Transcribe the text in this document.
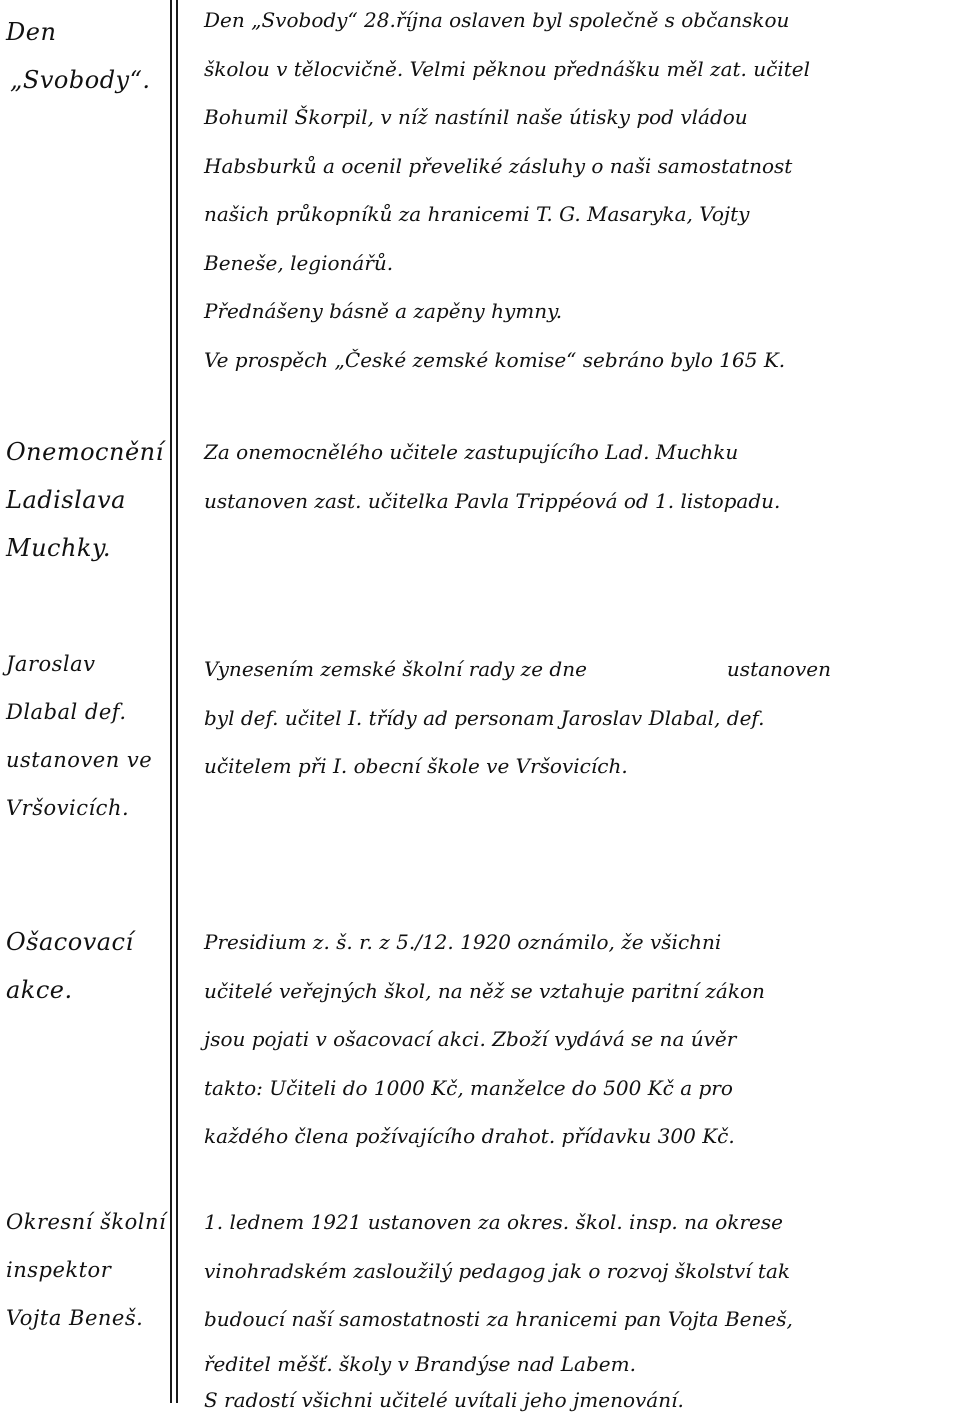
Den
„Svobody“.
Den „Svobody“ 28.října oslaven byl společně s občanskou
školou v tělocvičně. Velmi pěknou přednášku měl zat. učitel
Bohumil Škorpil, v níž nastínil naše útisky pod vládou
Habsburků a ocenil převeliké zásluhy o naši samostatnost
našich průkopníků za hranicemi T. G. Masaryka, Vojty
Beneše, legionářů.
Přednášeny básně a zapěny hymny.
Ve prospěch „České zemské komise“ sebráno bylo 165 K.
Onemocnění
Ladislava
Muchky.
Za onemocnělého učitele zastupujícího Lad. Muchku
ustanoven zast. učitelka Pavla Trippéová od 1. listopadu.
Jaroslav
Dlabal def.
ustanoven ve
Vršovicích.
Vynesením zemské školní rady ze dne	ustanoven
byl def. učitel I. třídy ad personam Jaroslav Dlabal, def.
učitelem při I. obecní škole ve Vršovicích.
Ošacovací
akce.
Presidium z. š. r. z 5./12. 1920 oznámilo, že všichni
učitelé veřejných škol, na něž se vztahuje paritní zákon
jsou pojati v ošacovací akci. Zboží vydává se na úvěr
takto: Učiteli do 1000 Kč, manželce do 500 Kč a pro
každého člena požívajícího drahot. přídavku 300 Kč.
Okresní školní
inspektor
Vojta Beneš.
1. lednem 1921 ustanoven za okres. škol. insp. na okrese
vinohradském zasloužilý pedagog jak o rozvoj školství tak
budoucí naší samostatnosti za hranicemi pan Vojta Beneš,
ředitel měšť. školy v Brandýse nad Labem.
S radostí všichni učitelé uvítali jeho jmenování.
